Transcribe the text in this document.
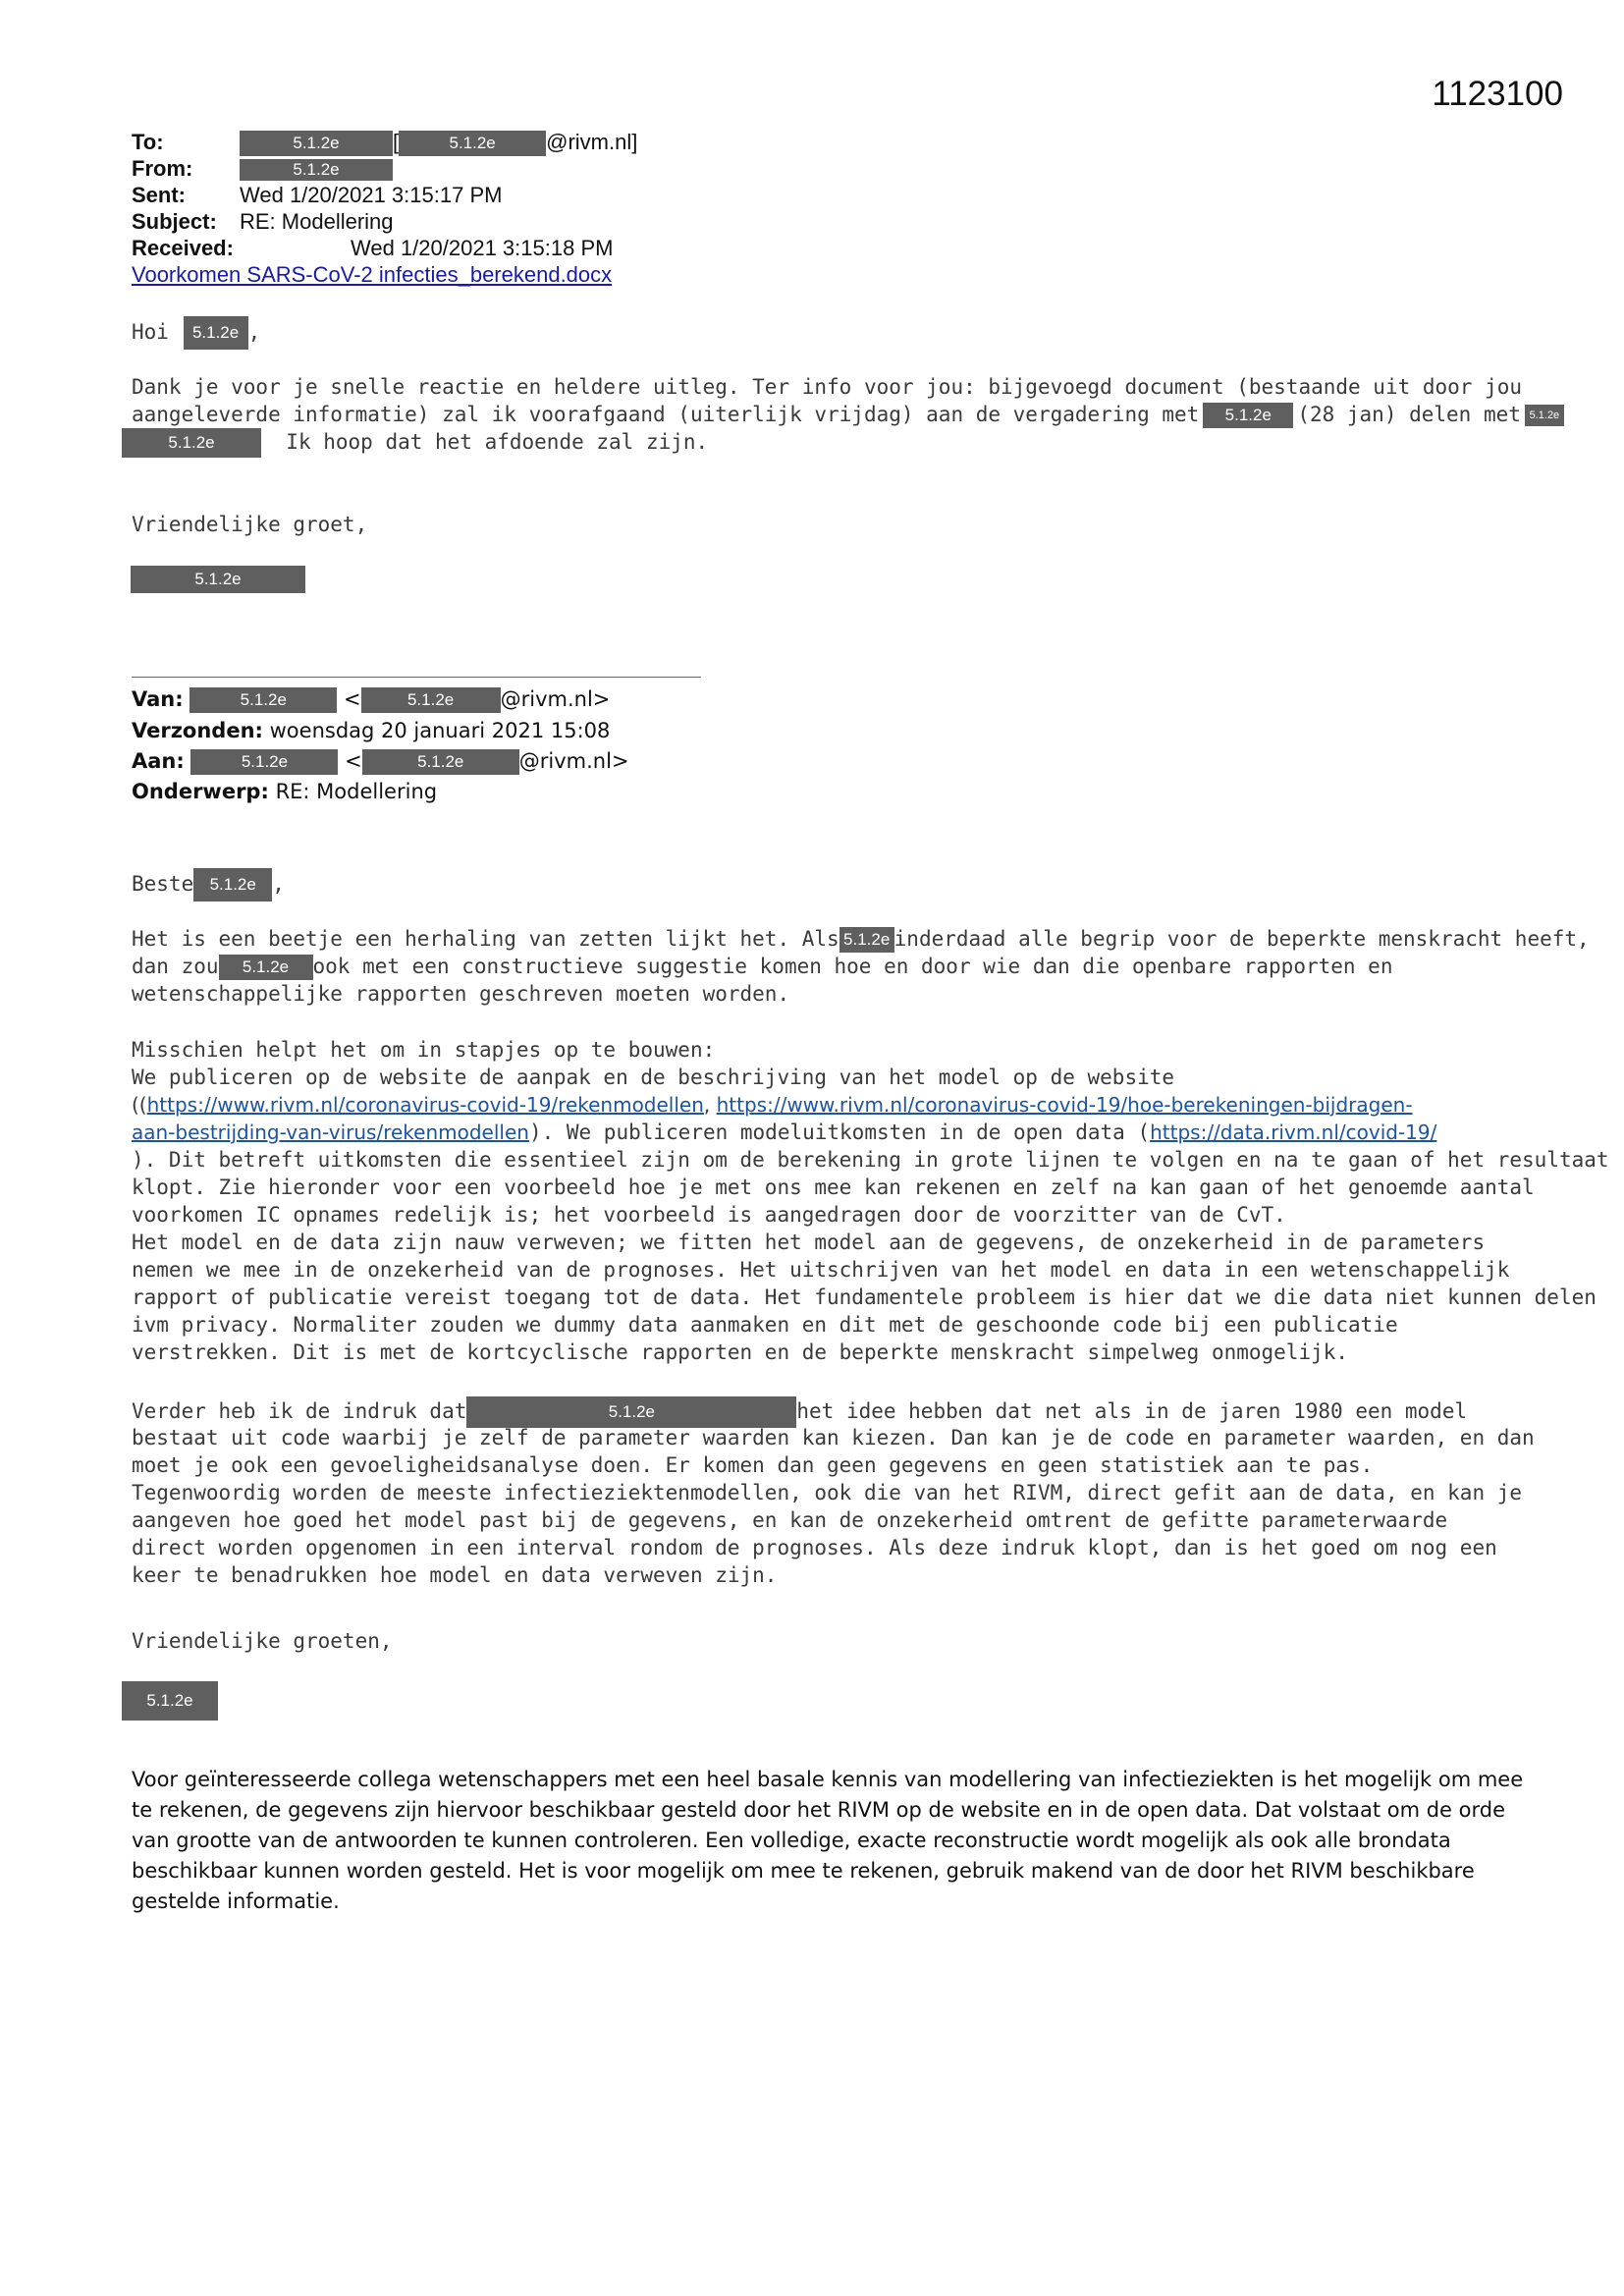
1123100
To:	5.1.2e [	5.1.2e @rivm.nl]
From:	5.1.2e
Sent:	Wed 1/20/2021 3:15:17 PM
Subject: RE: Modellering
Received:	Wed 1/20/2021 3:15:18 PM
Voorkomen SARS-CoV-2 infecties_berekend.docx
Hoi 5.1.2e ,
Dank je voor je snelle reactie en heldere uitleg. Ter info voor jou: bijgevoegd document (bestaande uit door jou
aangeleverde informatie) zal ik voorafgaand (uiterlijk vrijdag) aan de vergadering met 5.1.2e (28 jan) delen met 5.1.2e
5.1.2e	Ik hoop dat het afdoende zal zijn.
Vriendelijke groet,
5.1.2e
Van:	5.1.2e	<	5.1.2e @rivm.nl>
Verzonden: woensdag 20 januari 2021 15:08
Aan:	5.1.2e	<	5.1.2e	@rivm.nl>
Onderwerp: RE: Modellering
Beste 5.1.2e ,
Het is een beetje een herhaling van zetten lijkt het. Als 5.1.2e inderdaad alle begrip voor de beperkte menskracht heeft,
dan zou 5.1.2e ook met een constructieve suggestie komen hoe en door wie dan die openbare rapporten en
wetenschappelijke rapporten geschreven moeten worden.
Misschien helpt het om in stapjes op te bouwen:
We publiceren op de website de aanpak en de beschrijving van het model op de website
((https://www.rivm.nl/coronavirus-covid-19/rekenmodellen, https://www.rivm.nl/coronavirus-covid-19/hoe-berekeningen-bijdragen-
aan-bestrijding-van-virus/rekenmodellen). We publiceren modeluitkomsten in de open data (https://data.rivm.nl/covid-19/
). Dit betreft uitkomsten die essentieel zijn om de berekening in grote lijnen te volgen en na te gaan of het resultaat
klopt. Zie hieronder voor een voorbeeld hoe je met ons mee kan rekenen en zelf na kan gaan of het genoemde aantal
voorkomen IC opnames redelijk is; het voorbeeld is aangedragen door de voorzitter van de CvT.
Het model en de data zijn nauw verweven; we fitten het model aan de gegevens, de onzekerheid in de parameters
nemen we mee in de onzekerheid van de prognoses. Het uitschrijven van het model en data in een wetenschappelijk
rapport of publicatie vereist toegang tot de data. Het fundamentele probleem is hier dat we die data niet kunnen delen
ivm privacy. Normaliter zouden we dummy data aanmaken en dit met de geschoonde code bij een publicatie
verstrekken. Dit is met de kortcyclische rapporten en de beperkte menskracht simpelweg onmogelijk.
Verder heb ik de indruk dat	5.1.2e	het idee hebben dat net als in de jaren 1980 een model
bestaat uit code waarbij je zelf de parameter waarden kan kiezen. Dan kan je de code en parameter waarden, en dan
moet je ook een gevoeligheidsanalyse doen. Er komen dan geen gegevens en geen statistiek aan te pas.
Tegenwoordig worden de meeste infectieziektenmodellen, ook die van het RIVM, direct gefit aan de data, en kan je
aangeven hoe goed het model past bij de gegevens, en kan de onzekerheid omtrent de gefitte parameterwaarde
direct worden opgenomen in een interval rondom de prognoses. Als deze indruk klopt, dan is het goed om nog een
keer te benadrukken hoe model en data verweven zijn.
Vriendelijke groeten,
5.1.2e
Voor geïnteresseerde collega wetenschappers met een heel basale kennis van modellering van infectieziekten is het mogelijk om mee
te rekenen, de gegevens zijn hiervoor beschikbaar gesteld door het RIVM op de website en in de open data. Dat volstaat om de orde
van grootte van de antwoorden te kunnen controleren. Een volledige, exacte reconstructie wordt mogelijk als ook alle brondata
beschikbaar kunnen worden gesteld. Het is voor mogelijk om mee te rekenen, gebruik makend van de door het RIVM beschikbare
gestelde informatie.
